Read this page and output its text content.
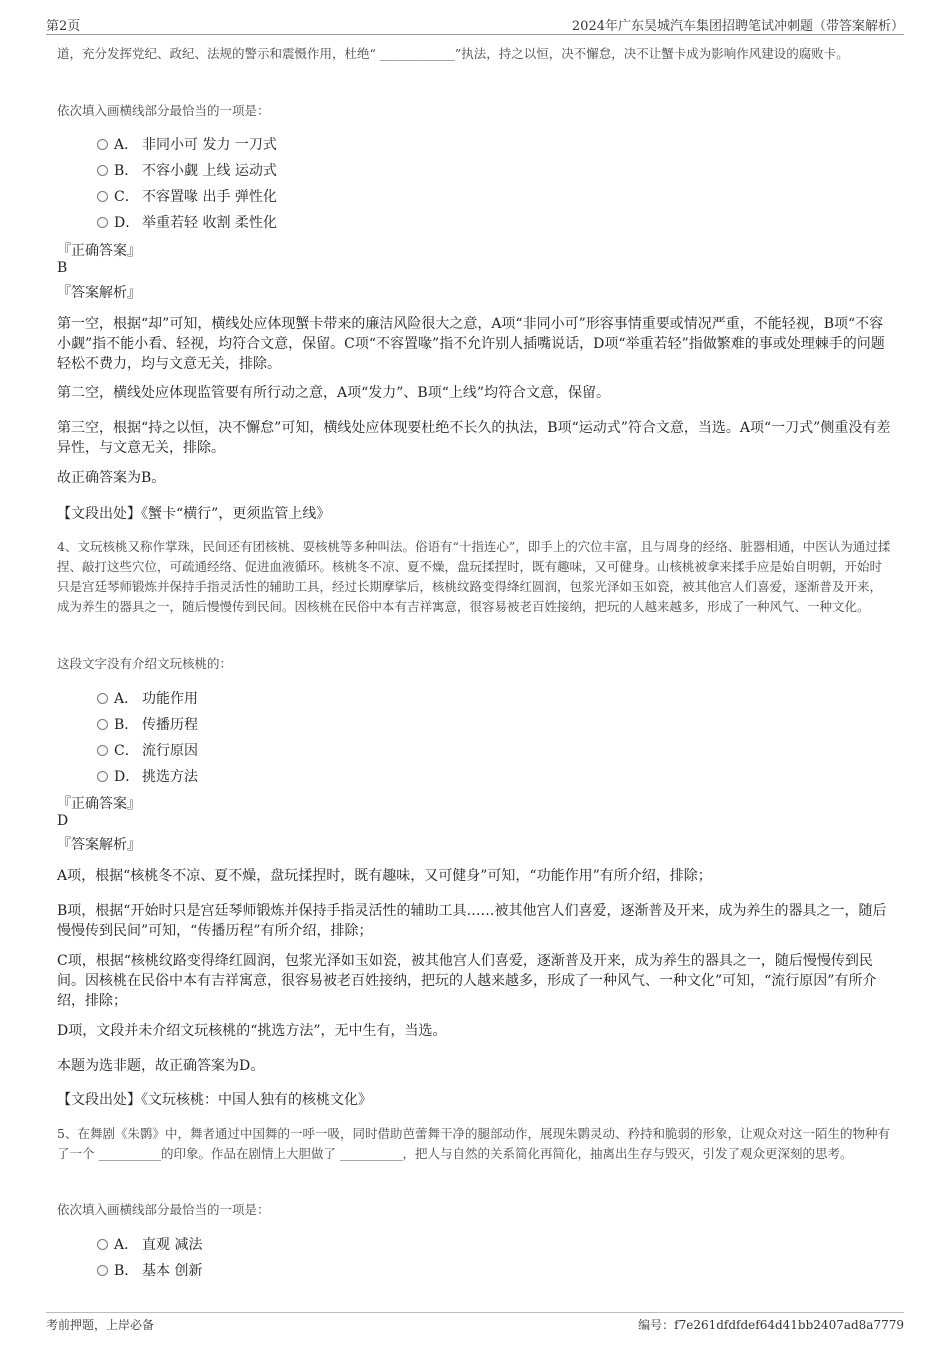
第2页	2024年广东昊城汽车集团招聘笔试冲刺题（带答案解析）
道，充分发挥党纪、政纪、法规的警示和震慑作用，杜绝“ ____________”执法，持之以恒，决不懈怠，决不让蟹卡成为影响作风建设的腐败卡。
依次填入画横线部分最恰当的一项是：
A． 非同小可 发力 一刀式
B． 不容小觑 上线 运动式
C． 不容置喙 出手 弹性化
D． 举重若轻 收割 柔性化
『正确答案』
B
『答案解析』
第一空，根据“却”可知，横线处应体现蟹卡带来的廉洁风险很大之意，A项“非同小可”形容事情重要或情况严重，不能轻视，B项“不容小觑”指不能小看、轻视，均符合文意，保留。C项“不容置喙”指不允许别人插嘴说话，D项“举重若轻”指做繁难的事或处理棘手的问题轻松不费力，均与文意无关，排除。
第二空，横线处应体现监管要有所行动之意，A项“发力”、B项“上线”均符合文意，保留。
第三空，根据“持之以恒，决不懈怠”可知，横线处应体现要杜绝不长久的执法，B项“运动式”符合文意，当选。A项“一刀式”侧重没有差异性，与文意无关，排除。
故正确答案为B。
【文段出处】《蟹卡“横行”，更须监管上线》
4、文玩核桃又称作掌珠，民间还有团核桃、耍核桃等多种叫法。俗语有“十指连心”，即手上的穴位丰富，且与周身的经络、脏器相通，中医认为通过揉捏、敲打这些穴位，可疏通经络、促进血液循环。核桃冬不凉、夏不燥，盘玩揉捏时，既有趣味，又可健身。山核桃被拿来揉手应是始自明朝，开始时只是宫廷琴师锻炼并保持手指灵活性的辅助工具，经过长期摩挲后，核桃纹路变得绛红圆润，包浆光泽如玉如瓷，被其他宫人们喜爱，逐渐普及开来，成为养生的器具之一，随后慢慢传到民间。因核桃在民俗中本有吉祥寓意，很容易被老百姓接纳，把玩的人越来越多，形成了一种风气、一种文化。
这段文字没有介绍文玩核桃的：
A． 功能作用
B． 传播历程
C． 流行原因
D． 挑选方法
『正确答案』
D
『答案解析』
A项，根据“核桃冬不凉、夏不燥，盘玩揉捏时，既有趣味，又可健身”可知，“功能作用”有所介绍，排除；
B项，根据“开始时只是宫廷琴师锻炼并保持手指灵活性的辅助工具……被其他宫人们喜爱，逐渐普及开来，成为养生的器具之一，随后慢慢传到民间”可知，“传播历程”有所介绍，排除；
C项，根据“核桃纹路变得绛红圆润，包浆光泽如玉如瓷，被其他宫人们喜爱，逐渐普及开来，成为养生的器具之一，随后慢慢传到民间。因核桃在民俗中本有吉祥寓意，很容易被老百姓接纳，把玩的人越来越多，形成了一种风气、一种文化”可知，“流行原因”有所介绍，排除；
D项，文段并未介绍文玩核桃的“挑选方法”，无中生有，当选。
本题为选非题，故正确答案为D。
【文段出处】《文玩核桃：中国人独有的核桃文化》
5、在舞剧《朱鹮》中，舞者通过中国舞的一呼一吸，同时借助芭蕾舞干净的腿部动作，展现朱鹮灵动、矜持和脆弱的形象，让观众对这一陌生的物种有了一个 __________的印象。作品在剧情上大胆做了 __________，把人与自然的关系简化再简化，抽离出生存与毁灭，引发了观众更深刻的思考。
依次填入画横线部分最恰当的一项是：
A． 直观 减法
B． 基本 创新
考前押题，上岸必备	编号：f7e261dfdfdef64d41bb2407ad8a7779
